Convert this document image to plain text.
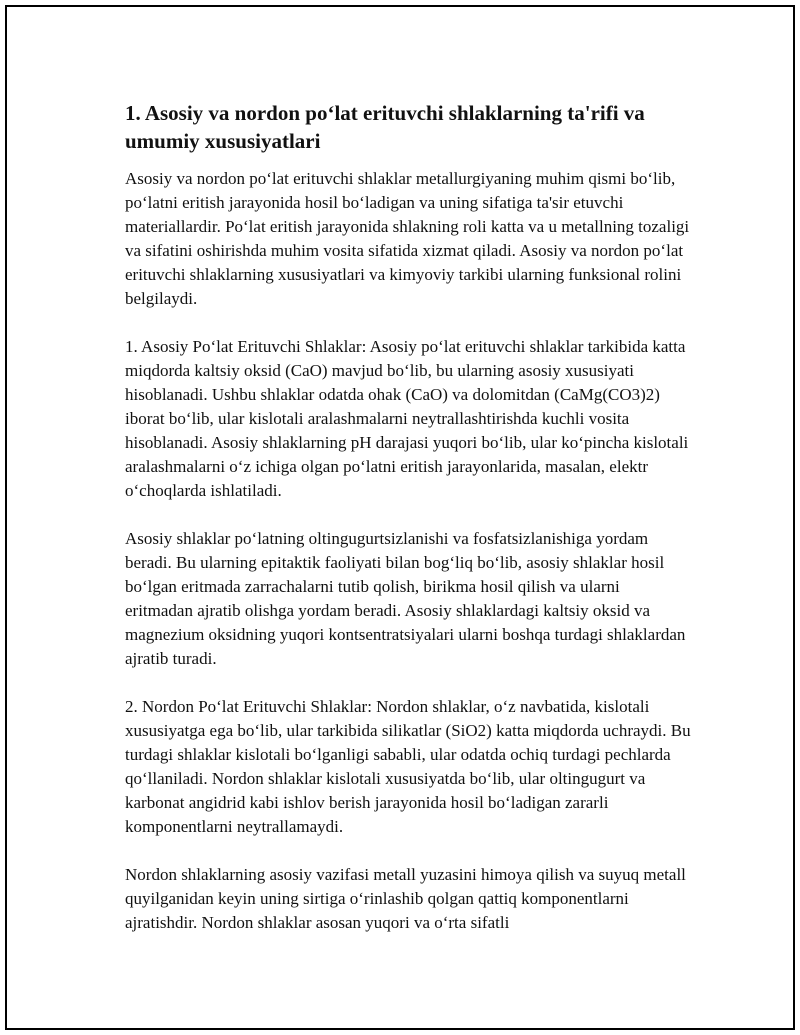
1. Asosiy va nordon poʻlat erituvchi shlaklarning ta'rifi va umumiy xususiyatlari

Asosiy va nordon poʻlat erituvchi shlaklar metallurgiyaning muhim qismi boʻlib, poʻlatni eritish jarayonida hosil boʻladigan va uning sifatiga ta'sir etuvchi materiallardir. Poʻlat eritish jarayonida shlakning roli katta va u metallning tozaligi va sifatini oshirishda muhim vosita sifatida xizmat qiladi. Asosiy va nordon poʻlat erituvchi shlaklarning xususiyatlari va kimyoviy tarkibi ularning funksional rolini belgilaydi.

1. Asosiy Poʻlat Erituvchi Shlaklar: Asosiy poʻlat erituvchi shlaklar tarkibida katta miqdorda kaltsiy oksid (CaO) mavjud boʻlib, bu ularning asosiy xususiyati hisoblanadi. Ushbu shlaklar odatda ohak (CaO) va dolomitdan (CaMg(CO3)2) iborat boʻlib, ular kislotali aralashmalarni neytrallashtirishda kuchli vosita hisoblanadi. Asosiy shlaklarning pH darajasi yuqori boʻlib, ular koʻpincha kislotali aralashmalarni oʻz ichiga olgan poʻlatni eritish jarayonlarida, masalan, elektr oʻchoqlarda ishlatiladi.

Asosiy shlaklar poʻlatning oltingugurtsizlanishi va fosfatsizlanishiga yordam beradi. Bu ularning epitaktik faoliyati bilan bogʻliq boʻlib, asosiy shlaklar hosil boʻlgan eritmada zarrachalarni tutib qolish, birikma hosil qilish va ularni eritmadan ajratib olishga yordam beradi. Asosiy shlaklardagi kaltsiy oksid va magnezium oksidning yuqori kontsentratsiyalari ularni boshqa turdagi shlaklardan ajratib turadi.

2. Nordon Poʻlat Erituvchi Shlaklar: Nordon shlaklar, oʻz navbatida, kislotali xususiyatga ega boʻlib, ular tarkibida silikatlar (SiO2) katta miqdorda uchraydi. Bu turdagi shlaklar kislotali boʻlganligi sababli, ular odatda ochiq turdagi pechlarda qoʻllaniladi. Nordon shlaklar kislotali xususiyatda boʻlib, ular oltingugurt va karbonat angidrid kabi ishlov berish jarayonida hosil boʻladigan zararli komponentlarni neytrallamaydi.

Nordon shlaklarning asosiy vazifasi metall yuzasini himoya qilish va suyuq metall quyilganidan keyin uning sirtiga oʻrinlashib qolgan qattiq komponentlarni ajratishdir. Nordon shlaklar asosan yuqori va oʻrta sifatli
